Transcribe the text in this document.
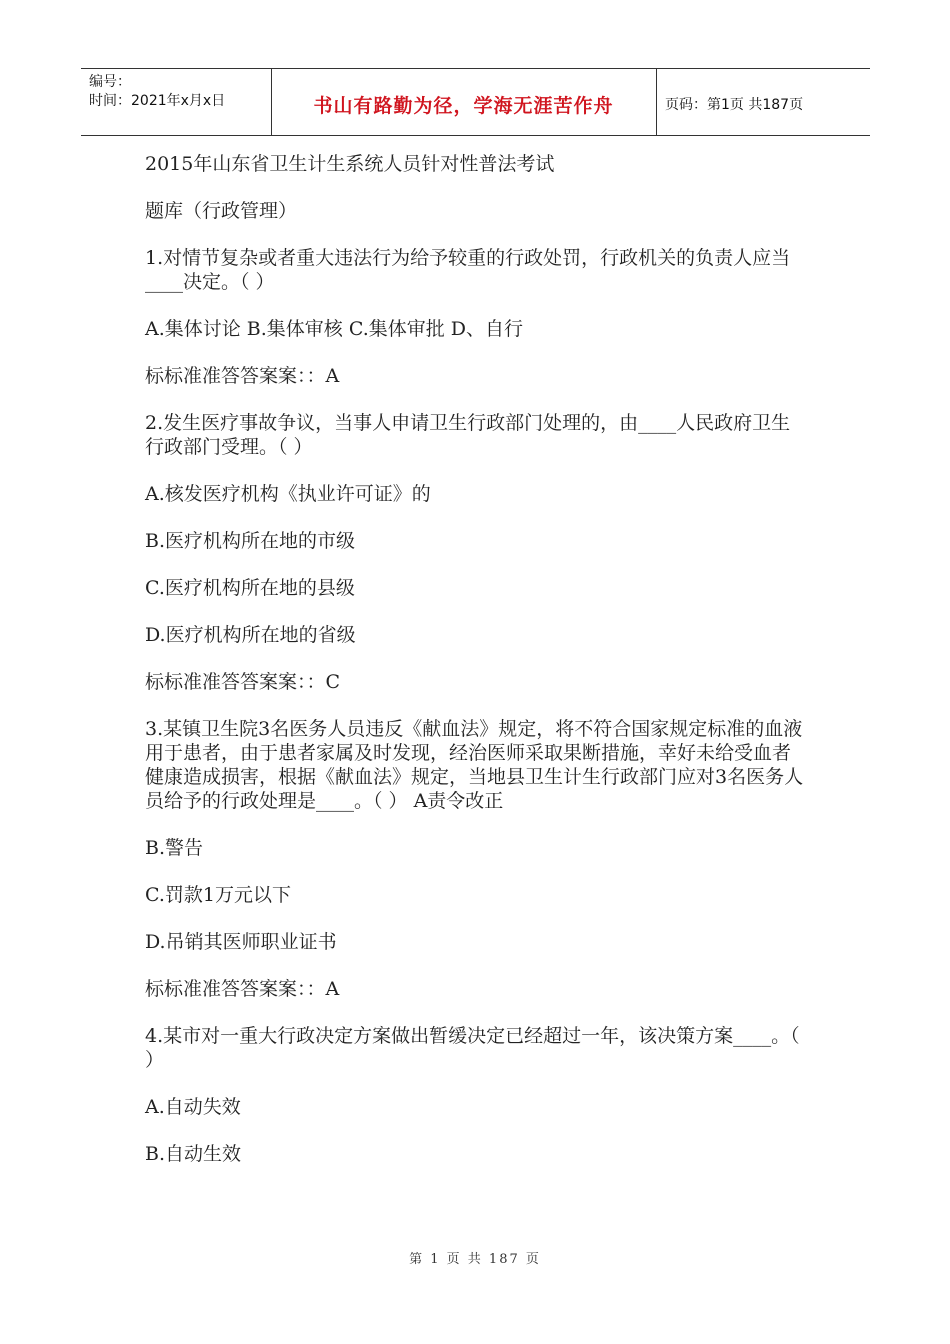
编号：
时间：2021年x月x日	书山有路勤为径，学海无涯苦作舟	页码：第1页 共187页

2015年山东省卫生计生系统人员针对性普法考试

题库（行政管理）

1.对情节复杂或者重大违法行为给予较重的行政处罚，行政机关的负责人应当____决定。（ ）

A.集体讨论 B.集体审核 C.集体审批 D、自行

标标准准答答案案：：A

2.发生医疗事故争议，当事人申请卫生行政部门处理的，由____人民政府卫生行政部门受理。（ ）

A.核发医疗机构《执业许可证》的

B.医疗机构所在地的市级

C.医疗机构所在地的县级

D.医疗机构所在地的省级

标标准准答答案案：：C

3.某镇卫生院3名医务人员违反《献血法》规定，将不符合国家规定标准的血液用于患者，由于患者家属及时发现，经治医师采取果断措施，幸好未给受血者健康造成损害，根据《献血法》规定，当地县卫生计生行政部门应对3名医务人员给予的行政处理是____。（ ） A责令改正

B.警告

C.罚款1万元以下

D.吊销其医师职业证书

标标准准答答案案：：A

4.某市对一重大行政决定方案做出暂缓决定已经超过一年，该决策方案____。（ ）

A.自动失效

B.自动生效

第 1 页 共 187 页
